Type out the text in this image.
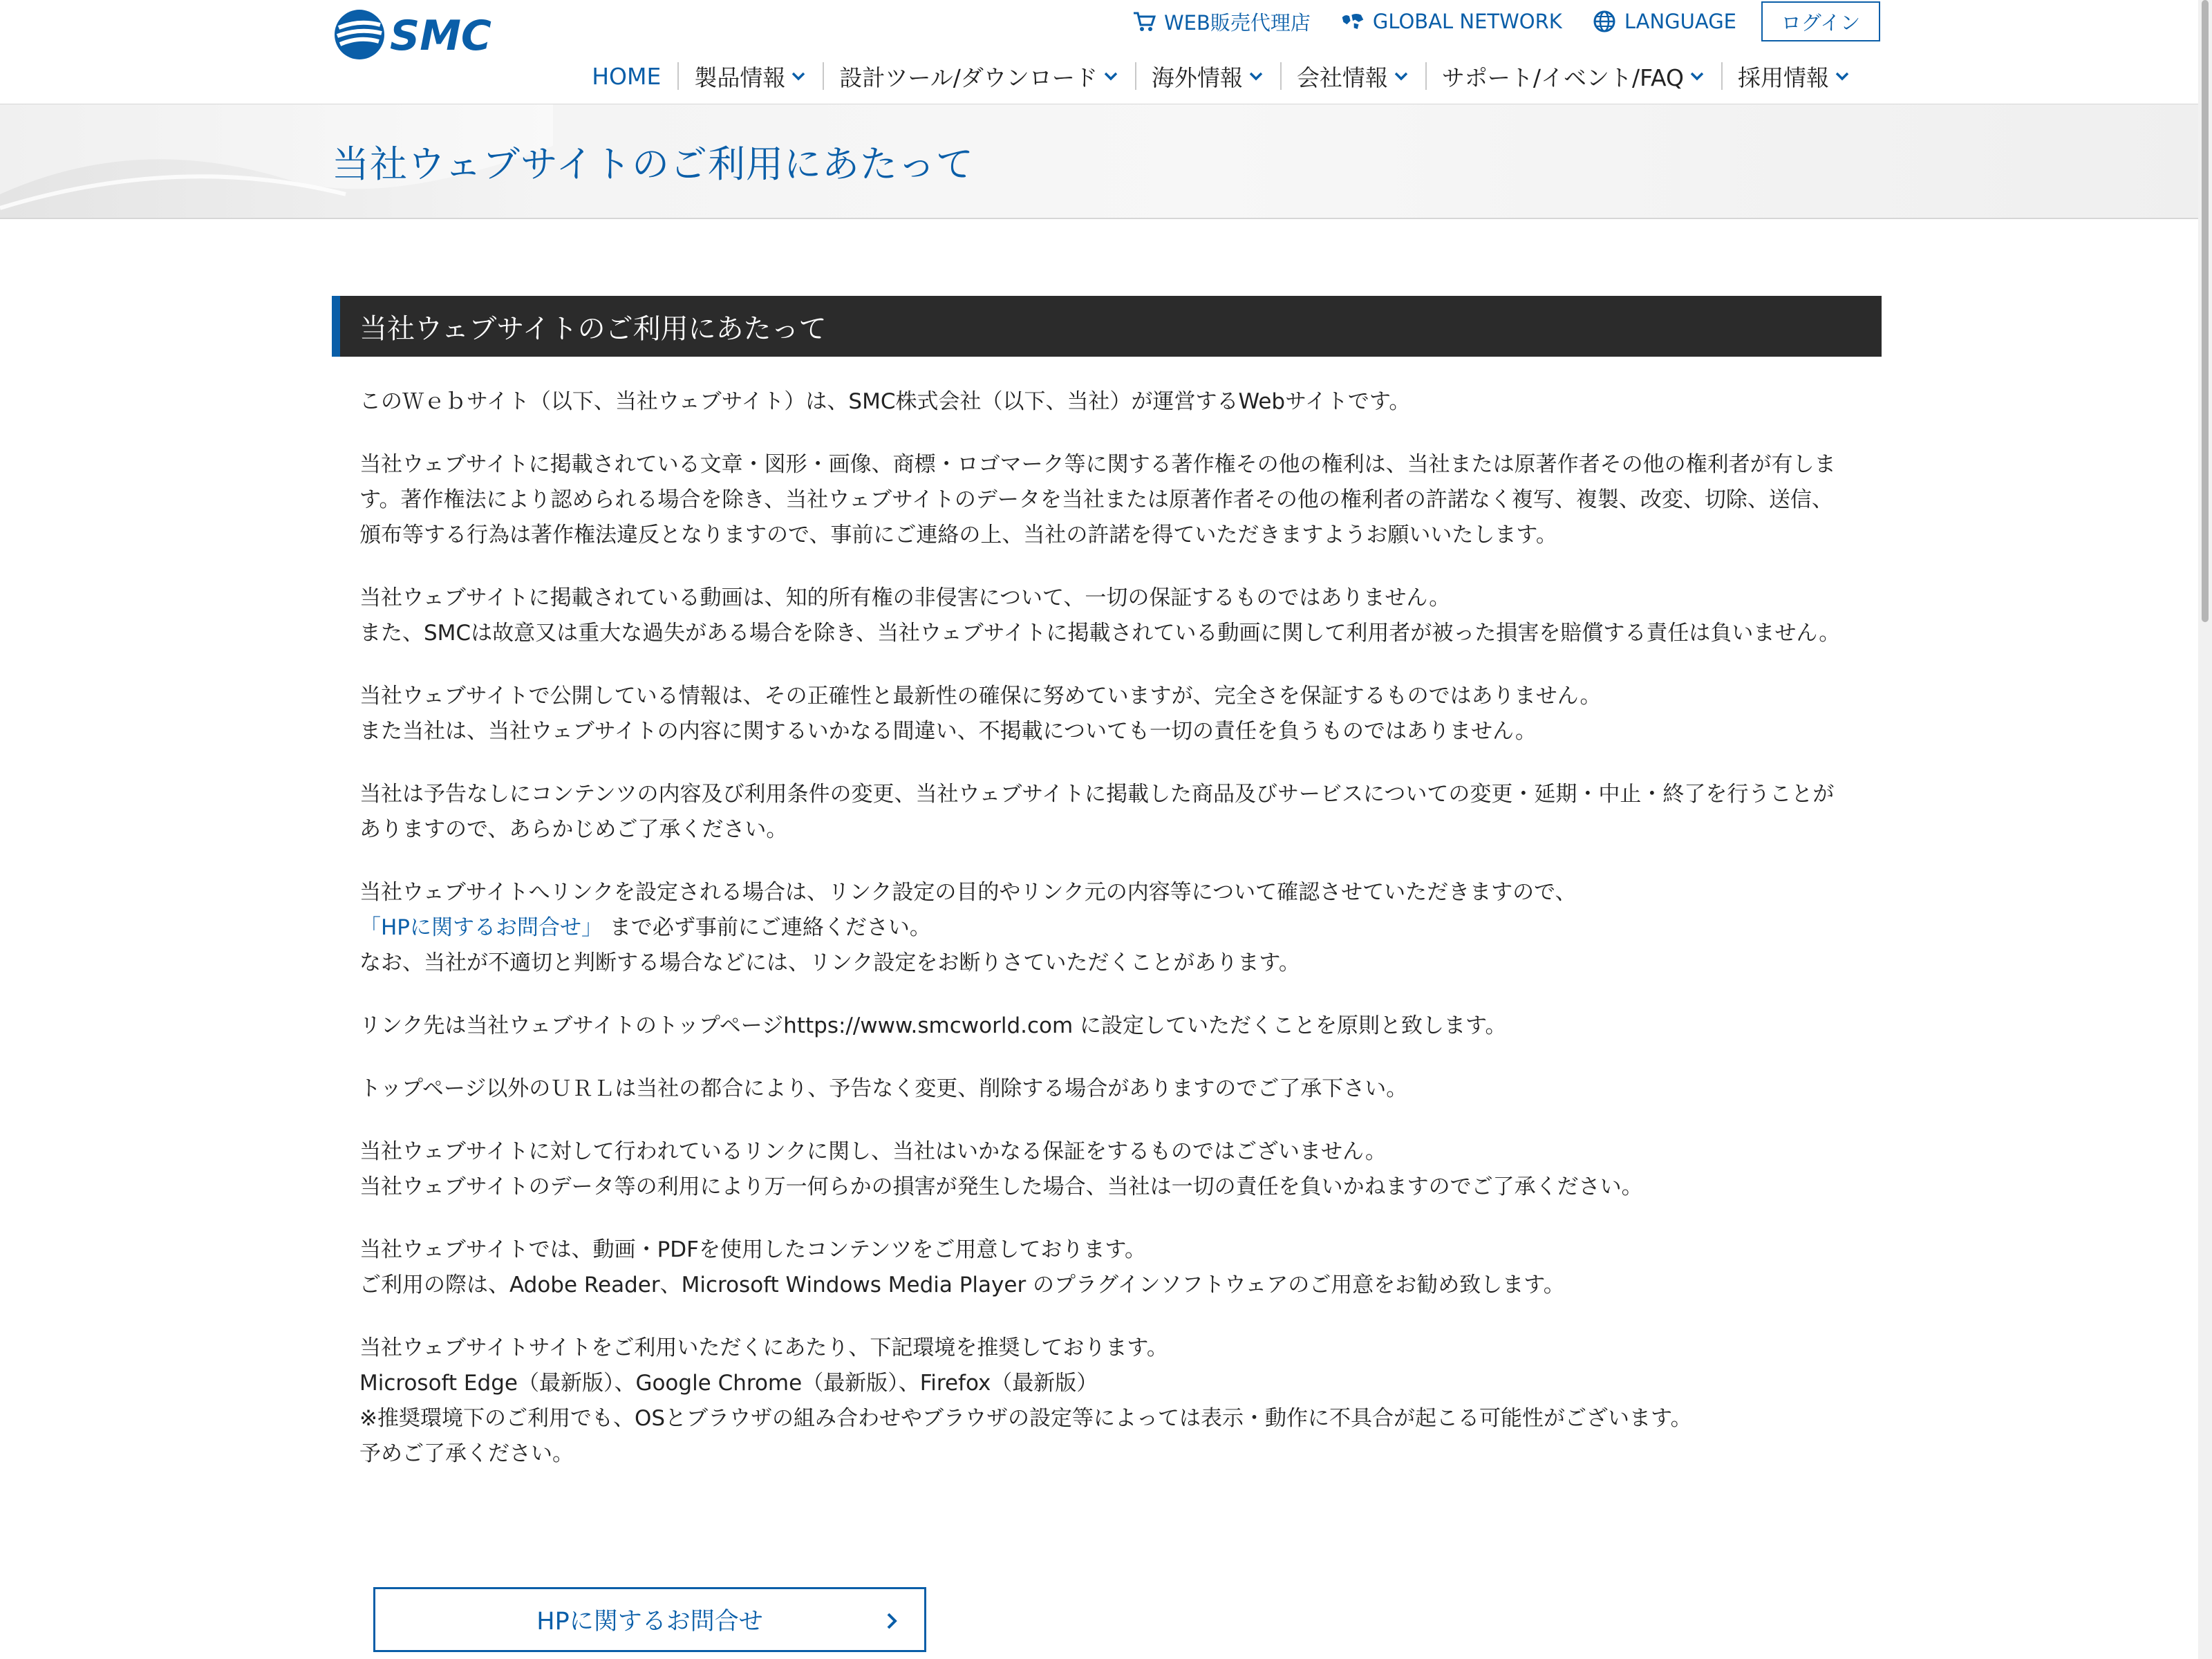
SMC	WEB販売代理店	GLOBAL NETWORK	LANGUAGE	ログイン
HOME 製品情報 設計ツール/ダウンロード 海外情報 会社情報 サポート/イベント/FAQ 採用情報
当社ウェブサイトのご利用にあたって
当社ウェブサイトのご利用にあたって

このＷｅｂサイト（以下、当社ウェブサイト）は、SMC株式会社（以下、当社）が運営するWebサイトです。

当社ウェブサイトに掲載されている文章・図形・画像、商標・ロゴマーク等に関する著作権その他の権利は、当社または原著作者その他の権利者が有します。著作権法により認められる場合を除き、当社ウェブサイトのデータを当社または原著作者その他の権利者の許諾なく複写、複製、改変、切除、送信、頒布等する行為は著作権法違反となりますので、事前にご連絡の上、当社の許諾を得ていただきますようお願いいたします。

当社ウェブサイトに掲載されている動画は、知的所有権の非侵害について、一切の保証するものではありません。
また、SMCは故意又は重大な過失がある場合を除き、当社ウェブサイトに掲載されている動画に関して利用者が被った損害を賠償する責任は負いません。

当社ウェブサイトで公開している情報は、その正確性と最新性の確保に努めていますが、完全さを保証するものではありません。
また当社は、当社ウェブサイトの内容に関するいかなる間違い、不掲載についても一切の責任を負うものではありません。

当社は予告なしにコンテンツの内容及び利用条件の変更、当社ウェブサイトに掲載した商品及びサービスについての変更・延期・中止・終了を行うことがありますので、あらかじめご了承ください。

当社ウェブサイトへリンクを設定される場合は、リンク設定の目的やリンク元の内容等について確認させていただきますので、
「HPに関するお問合せ」 まで必ず事前にご連絡ください。
なお、当社が不適切と判断する場合などには、リンク設定をお断りさていただくことがあります。

リンク先は当社ウェブサイトのトップページhttps://www.smcworld.com に設定していただくことを原則と致します。

トップページ以外のＵＲＬは当社の都合により、予告なく変更、削除する場合がありますのでご了承下さい。

当社ウェブサイトに対して行われているリンクに関し、当社はいかなる保証をするものではございません。
当社ウェブサイトのデータ等の利用により万一何らかの損害が発生した場合、当社は一切の責任を負いかねますのでご了承ください。

当社ウェブサイトでは、動画・PDFを使用したコンテンツをご用意しております。
ご利用の際は、Adobe Reader、Microsoft Windows Media Player のプラグインソフトウェアのご用意をお勧め致します。

当社ウェブサイトサイトをご利用いただくにあたり、下記環境を推奨しております。
Microsoft Edge（最新版）、Google Chrome（最新版）、Firefox（最新版）
※推奨環境下のご利用でも、OSとブラウザの組み合わせやブラウザの設定等によっては表示・動作に不具合が起こる可能性がございます。
予めご了承ください。

HPに関するお問合せ
